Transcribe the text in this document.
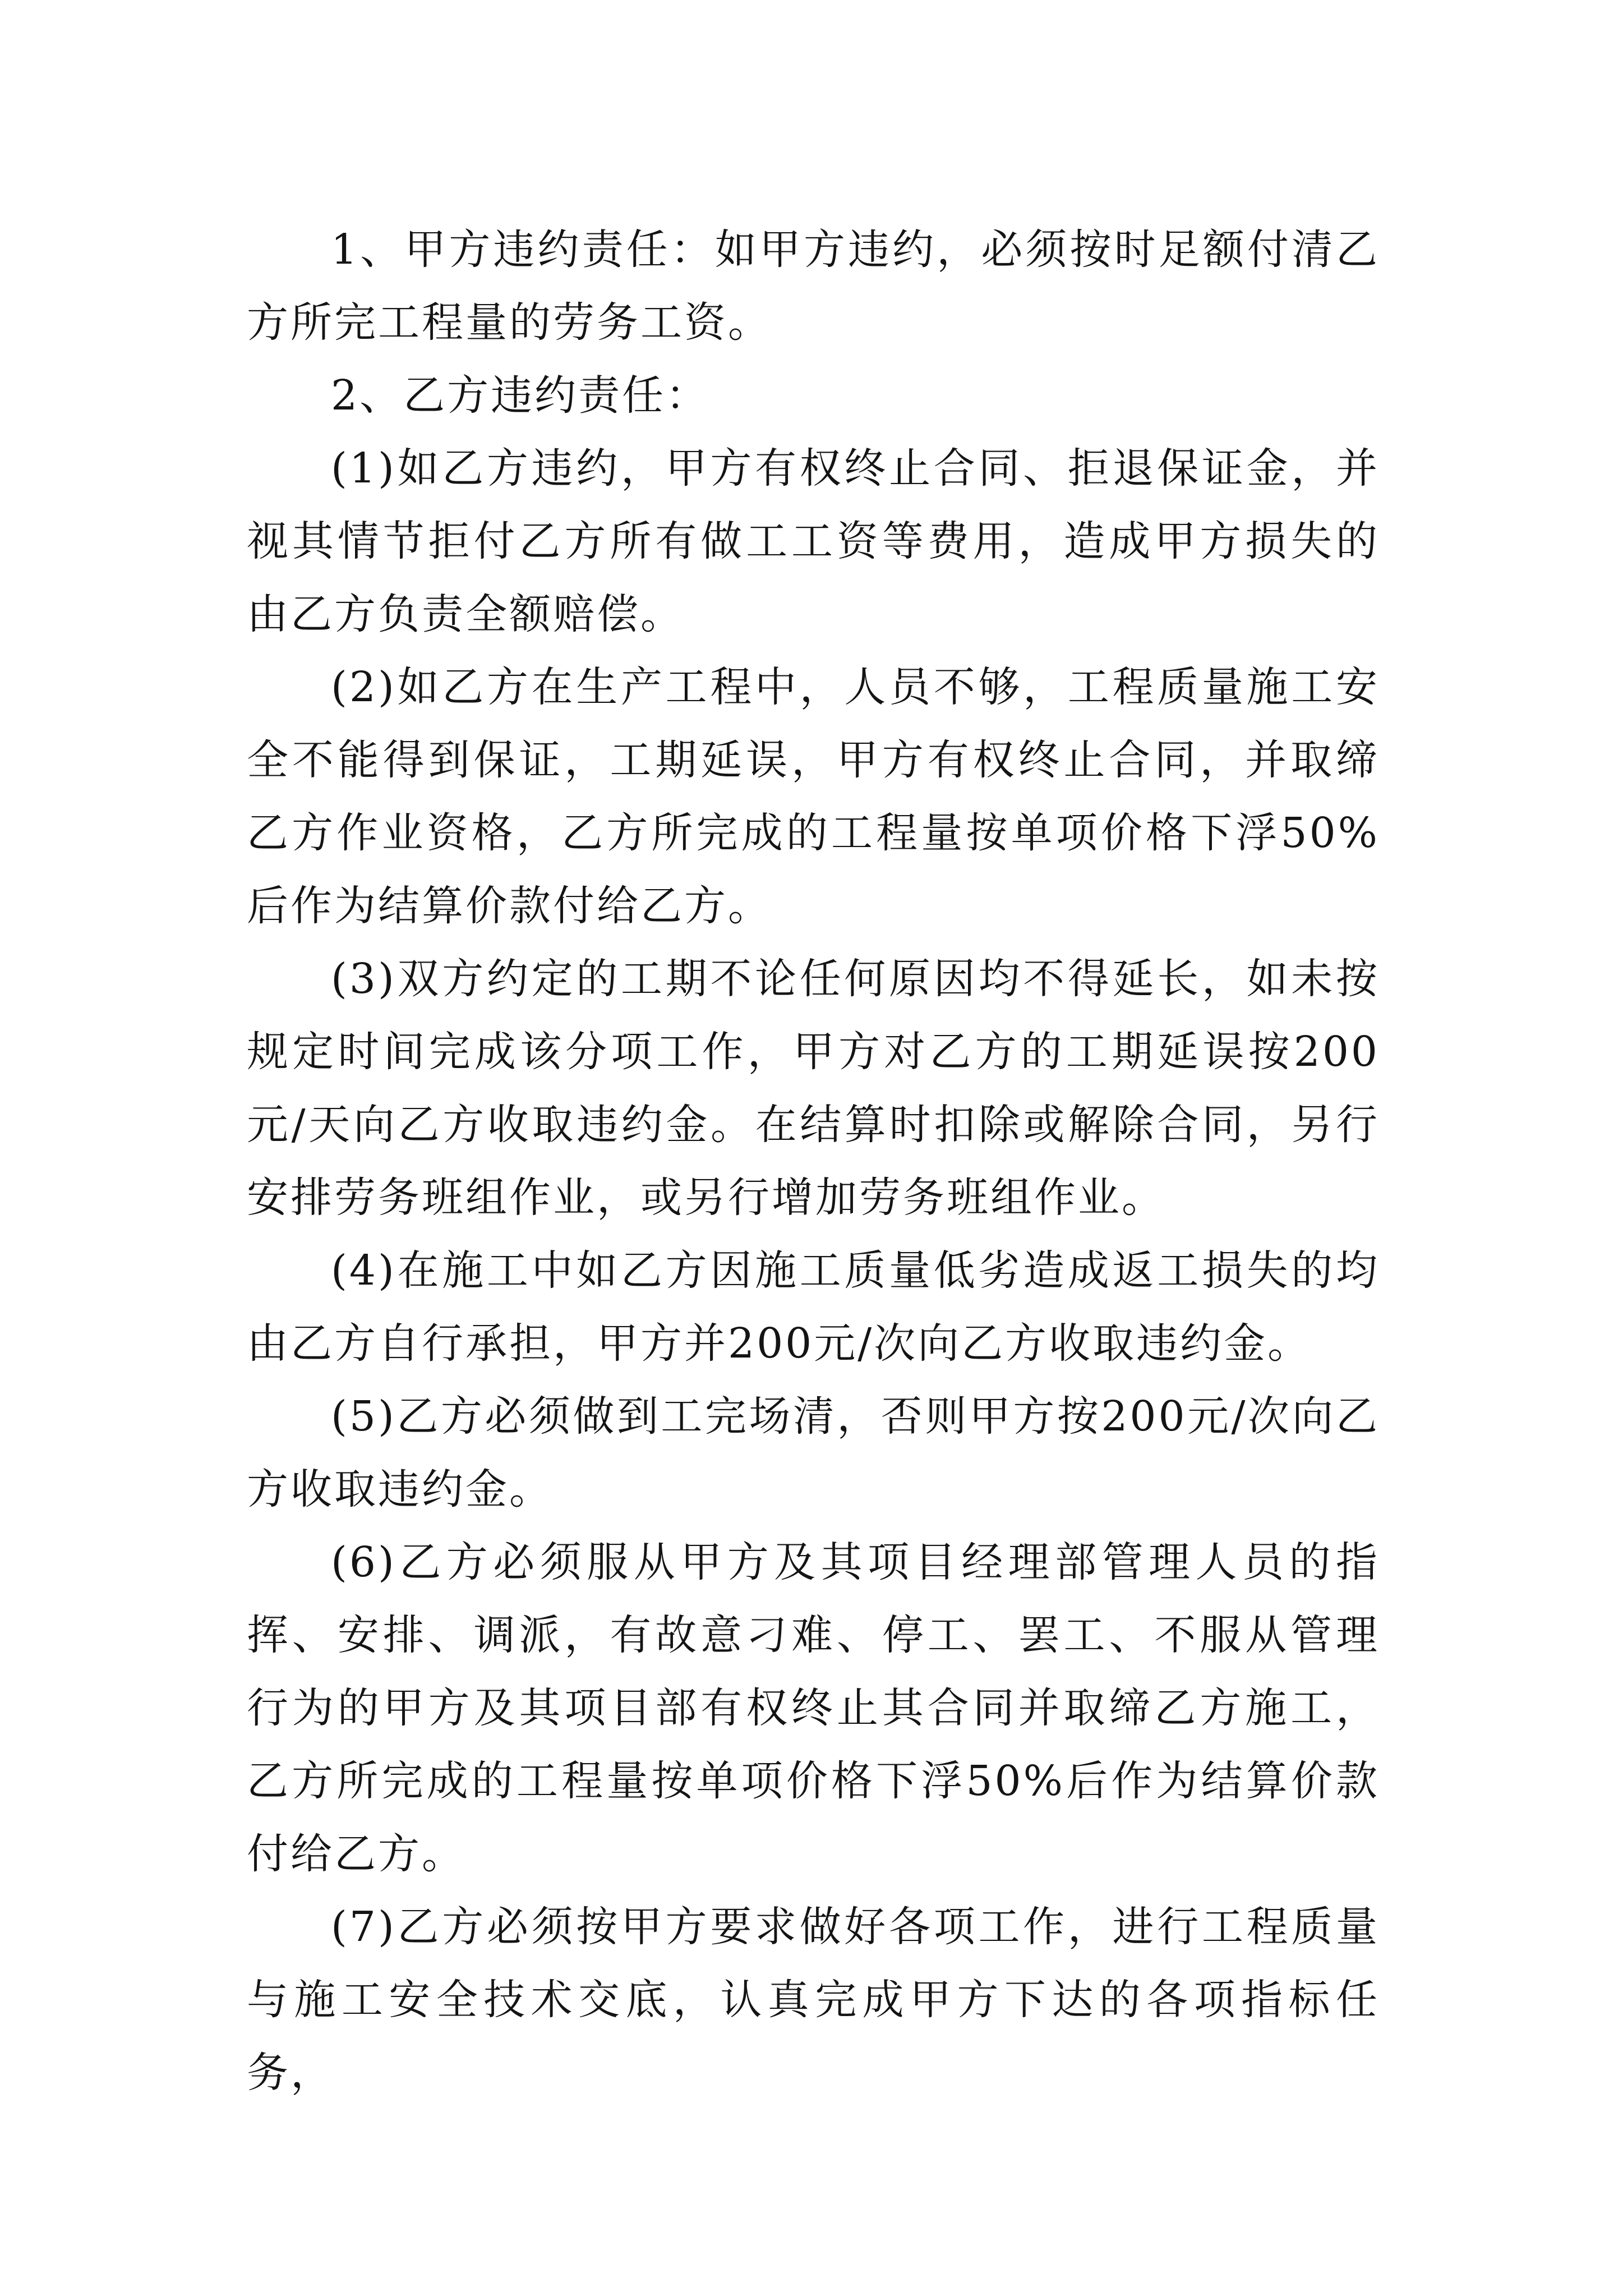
1、甲方违约责任：如甲方违约，必须按时足额付清乙方所完工程量的劳务工资。

2、乙方违约责任：

(1)如乙方违约，甲方有权终止合同、拒退保证金，并视其情节拒付乙方所有做工工资等费用，造成甲方损失的由乙方负责全额赔偿。

(2)如乙方在生产工程中，人员不够，工程质量施工安全不能得到保证，工期延误，甲方有权终止合同，并取缔乙方作业资格，乙方所完成的工程量按单项价格下浮50%后作为结算价款付给乙方。

(3)双方约定的工期不论任何原因均不得延长，如未按规定时间完成该分项工作，甲方对乙方的工期延误按200元/天向乙方收取违约金。在结算时扣除或解除合同，另行安排劳务班组作业，或另行增加劳务班组作业。

(4)在施工中如乙方因施工质量低劣造成返工损失的均由乙方自行承担，甲方并200元/次向乙方收取违约金。

(5)乙方必须做到工完场清，否则甲方按200元/次向乙方收取违约金。

(6)乙方必须服从甲方及其项目经理部管理人员的指挥、安排、调派，有故意刁难、停工、罢工、不服从管理行为的甲方及其项目部有权终止其合同并取缔乙方施工，乙方所完成的工程量按单项价格下浮50%后作为结算价款付给乙方。

(7)乙方必须按甲方要求做好各项工作，进行工程质量与施工安全技术交底，认真完成甲方下达的各项指标任务，
